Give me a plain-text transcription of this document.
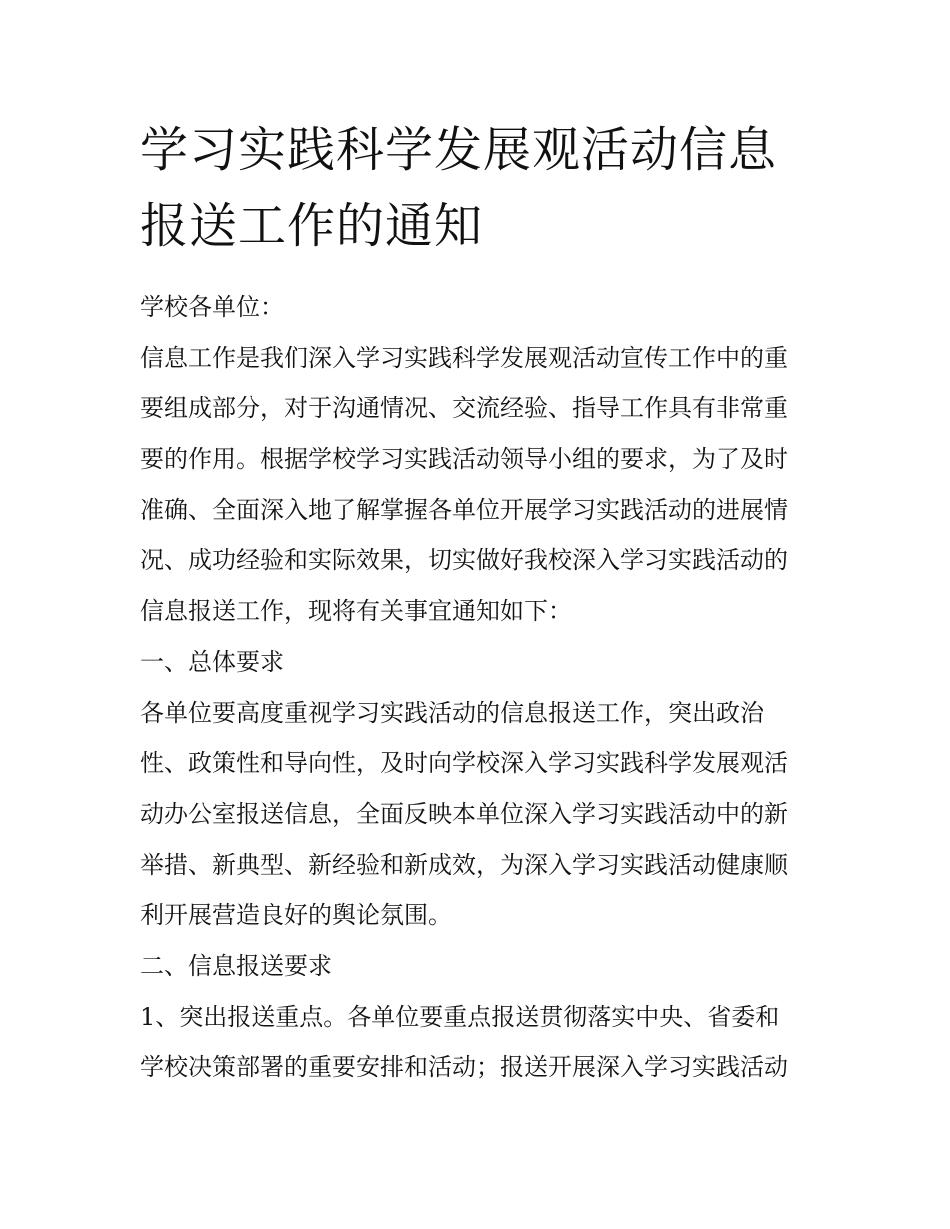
学习实践科学发展观活动信息
报送工作的通知
学校各单位：
信息工作是我们深入学习实践科学发展观活动宣传工作中的重
要组成部分，对于沟通情况、交流经验、指导工作具有非常重
要的作用。根据学校学习实践活动领导小组的要求，为了及时
准确、全面深入地了解掌握各单位开展学习实践活动的进展情
况、成功经验和实际效果，切实做好我校深入学习实践活动的
信息报送工作，现将有关事宜通知如下：
一、总体要求
各单位要高度重视学习实践活动的信息报送工作，突出政治
性、政策性和导向性，及时向学校深入学习实践科学发展观活
动办公室报送信息，全面反映本单位深入学习实践活动中的新
举措、新典型、新经验和新成效，为深入学习实践活动健康顺
利开展营造良好的舆论氛围。
二、信息报送要求
1、突出报送重点。各单位要重点报送贯彻落实中央、省委和
学校决策部署的重要安排和活动；报送开展深入学习实践活动
